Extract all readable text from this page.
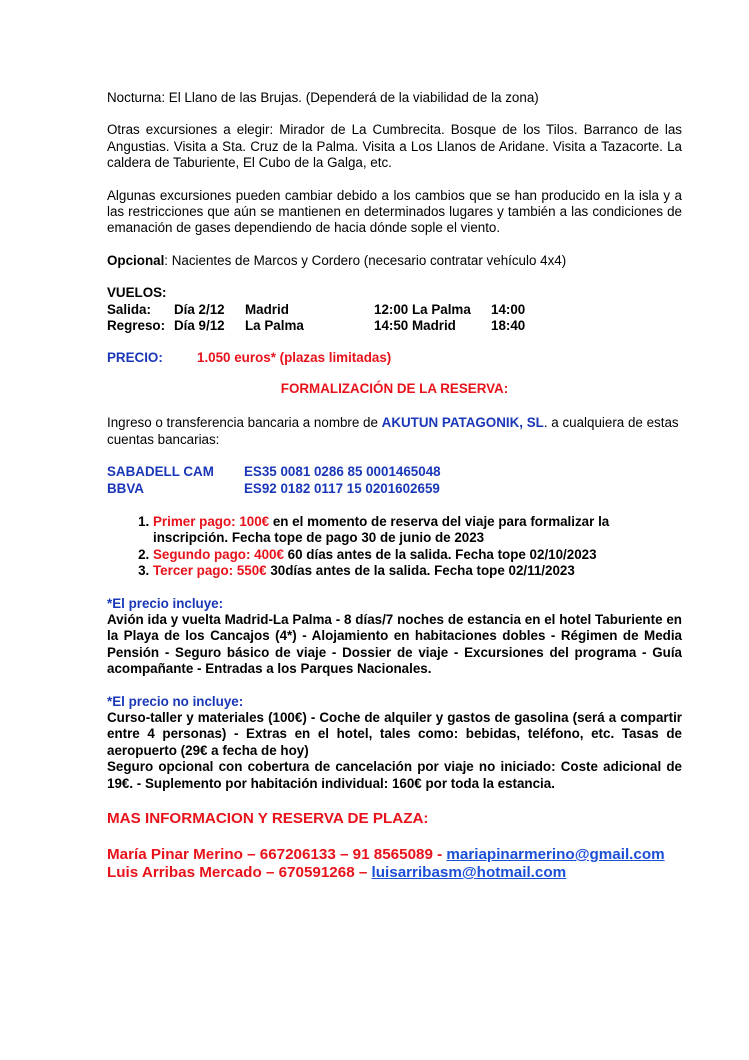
Nocturna: El Llano de las Brujas. (Dependerá de la viabilidad de la zona)

Otras excursiones a elegir: Mirador de La Cumbrecita. Bosque de los Tilos. Barranco de las Angustias. Visita a Sta. Cruz de la Palma. Visita a Los Llanos de Aridane. Visita a Tazacorte. La caldera de Taburiente, El Cubo de la Galga, etc.

Algunas excursiones pueden cambiar debido a los cambios que se han producido en la isla y a las restricciones que aún se mantienen en determinados lugares y también a las condiciones de emanación de gases dependiendo de hacia dónde sople el viento.

Opcional: Nacientes de Marcos y Cordero (necesario contratar vehículo 4x4)

VUELOS:

Salida:	Día 2/12	Madrid	12:00 La Palma	14:00
Regreso:	Día 9/12	La Palma	14:50 Madrid	18:40

PRECIO:	1.050 euros* (plazas limitadas)

FORMALIZACIÓN DE LA RESERVA:

Ingreso o transferencia bancaria a nombre de AKUTUN PATAGONIK, SL. a cualquiera de estas cuentas bancarias:

SABADELL CAM	ES35 0081 0286 85 0001465048
BBVA	ES92 0182 0117 15 0201602659
1. Primer pago: 100€ en el momento de reserva del viaje para formalizar la inscripción. Fecha tope de pago 30 de junio de 2023
2. Segundo pago: 400€ 60 días antes de la salida. Fecha tope 02/10/2023
3. Tercer pago: 550€ 30días antes de la salida. Fecha tope 02/11/2023

*El precio incluye:

Avión ida y vuelta Madrid-La Palma - 8 días/7 noches de estancia en el hotel Taburiente en la Playa de los Cancajos (4*) - Alojamiento en habitaciones dobles - Régimen de Media Pensión - Seguro básico de viaje - Dossier de viaje - Excursiones del programa - Guía acompañante - Entradas a los Parques Nacionales.

*El precio no incluye:

Curso-taller y materiales (100€) - Coche de alquiler y gastos de gasolina (será a compartir entre 4 personas) - Extras en el hotel, tales como: bebidas, teléfono, etc. Tasas de aeropuerto (29€ a fecha de hoy)

Seguro opcional con cobertura de cancelación por viaje no iniciado: Coste adicional de 19€. - Suplemento por habitación individual: 160€ por toda la estancia.

MAS INFORMACION Y RESERVA DE PLAZA:

María Pinar Merino – 667206133 – 91 8565089 - mariapinarmerino@gmail.com

Luis Arribas Mercado – 670591268 – luisarribasm@hotmail.com
